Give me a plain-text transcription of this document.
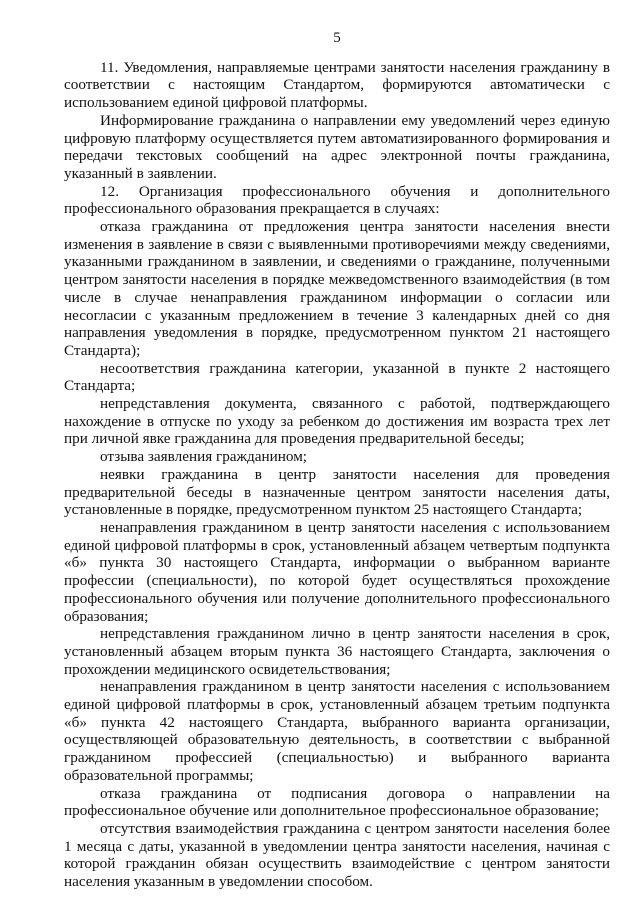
5

11. Уведомления, направляемые центрами занятости населения гражданину в соответствии с настоящим Стандартом, формируются автоматически с использованием единой цифровой платформы.

Информирование гражданина о направлении ему уведомлений через единую цифровую платформу осуществляется путем автоматизированного формирования и передачи текстовых сообщений на адрес электронной почты гражданина, указанный в заявлении.

12. Организация профессионального обучения и дополнительного профессионального образования прекращается в случаях:

отказа гражданина от предложения центра занятости населения внести изменения в заявление в связи с выявленными противоречиями между сведениями, указанными гражданином в заявлении, и сведениями о гражданине, полученными центром занятости населения в порядке межведомственного взаимодействия (в том числе в случае ненаправления гражданином информации о согласии или несогласии с указанным предложением в течение 3 календарных дней со дня направления уведомления в порядке, предусмотренном пунктом 21 настоящего Стандарта);

несоответствия гражданина категории, указанной в пункте 2 настоящего Стандарта;

непредставления документа, связанного с работой, подтверждающего нахождение в отпуске по уходу за ребенком до достижения им возраста трех лет при личной явке гражданина для проведения предварительной беседы;

отзыва заявления гражданином;

неявки гражданина в центр занятости населения для проведения предварительной беседы в назначенные центром занятости населения даты, установленные в порядке, предусмотренном пунктом 25 настоящего Стандарта;

ненаправления гражданином в центр занятости населения с использованием единой цифровой платформы в срок, установленный абзацем четвертым подпункта «б» пункта 30 настоящего Стандарта, информации о выбранном варианте профессии (специальности), по которой будет осуществляться прохождение профессионального обучения или получение дополнительного профессионального образования;

непредставления гражданином лично в центр занятости населения в срок, установленный абзацем вторым пункта 36 настоящего Стандарта, заключения о прохождении медицинского освидетельствования;

ненаправления гражданином в центр занятости населения с использованием единой цифровой платформы в срок, установленный абзацем третьим подпункта «б» пункта 42 настоящего Стандарта, выбранного варианта организации, осуществляющей образовательную деятельность, в соответствии с выбранной гражданином профессией (специальностью) и выбранного варианта образовательной программы;

отказа гражданина от подписания договора о направлении на профессиональное обучение или дополнительное профессиональное образование;

отсутствия взаимодействия гражданина с центром занятости населения более 1 месяца с даты, указанной в уведомлении центра занятости населения, начиная с которой гражданин обязан осуществить взаимодействие с центром занятости населения указанным в уведомлении способом.
